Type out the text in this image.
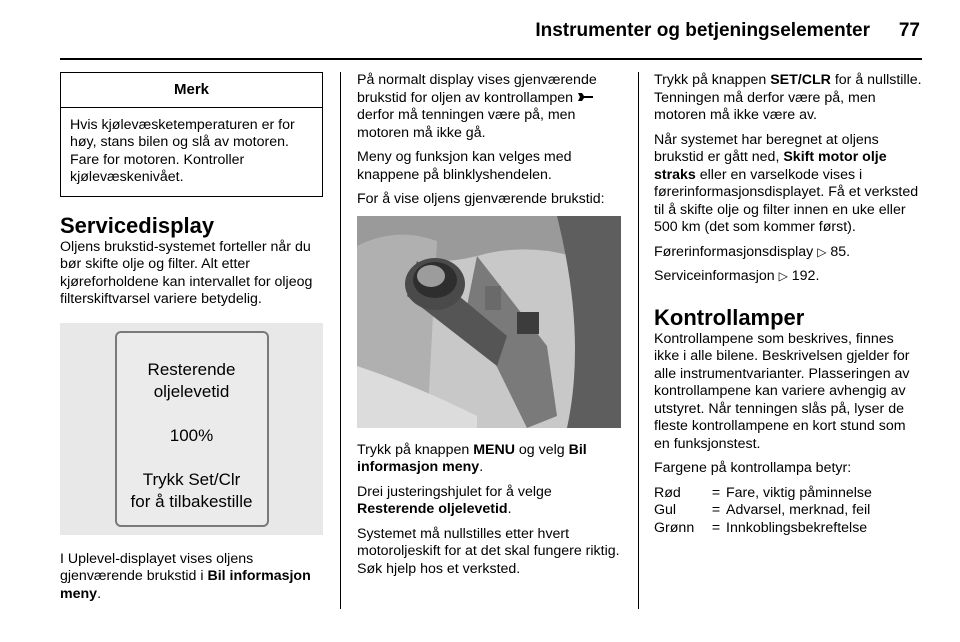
Instrumenter og betjeningselementer	77
Merk
Hvis kjølevæsketemperaturen er for høy, stans bilen og slå av motoren. Fare for motoren. Kontroller kjølevæskenivået.
Servicedisplay

Oljens brukstid-systemet forteller når du bør skifte olje og filter. Alt etter kjøreforholdene kan intervallet for oljeog filterskiftvarsel variere betydelig.

Resterende
oljelevetid
100%
Trykk Set/Clr
for å tilbakestille

I Uplevel-displayet vises oljens gjenværende brukstid i Bil informasjon meny.

På normalt display vises gjenværende brukstid for oljen av kontrollampen  derfor må tenningen være på, men motoren må ikke gå.

Meny og funksjon kan velges med knappene på blinklyshendelen.

For å vise oljens gjenværende brukstid:

Trykk på knappen MENU og velg Bil informasjon meny.

Drei justeringshjulet for å velge Resterende oljelevetid.

Systemet må nullstilles etter hvert motoroljeskift for at det skal fungere riktig. Søk hjelp hos et verksted.

Trykk på knappen SET/CLR for å nullstille. Tenningen må derfor være på, men motoren må ikke være av.

Når systemet har beregnet at oljens brukstid er gått ned, Skift motor olje straks eller en varselkode vises i førerinformasjonsdisplayet. Få et verksted til å skifte olje og filter innen en uke eller 500 km (det som kommer først).

Førerinformasjonsdisplay ▷ 85.

Serviceinformasjon ▷ 192.

Kontrollamper

Kontrollampene som beskrives, finnes ikke i alle bilene. Beskrivelsen gjelder for alle instrumentvarianter. Plasseringen av kontrollampene kan variere avhengig av utstyret. Når tenningen slås på, lyser de fleste kontrollampene en kort stund som en funksjonstest.

Fargene på kontrollampa betyr:

Rød	=	Fare, viktig påminnelse
Gul	=	Advarsel, merknad, feil
Grønn	=	Innkoblingsbekreftelse
